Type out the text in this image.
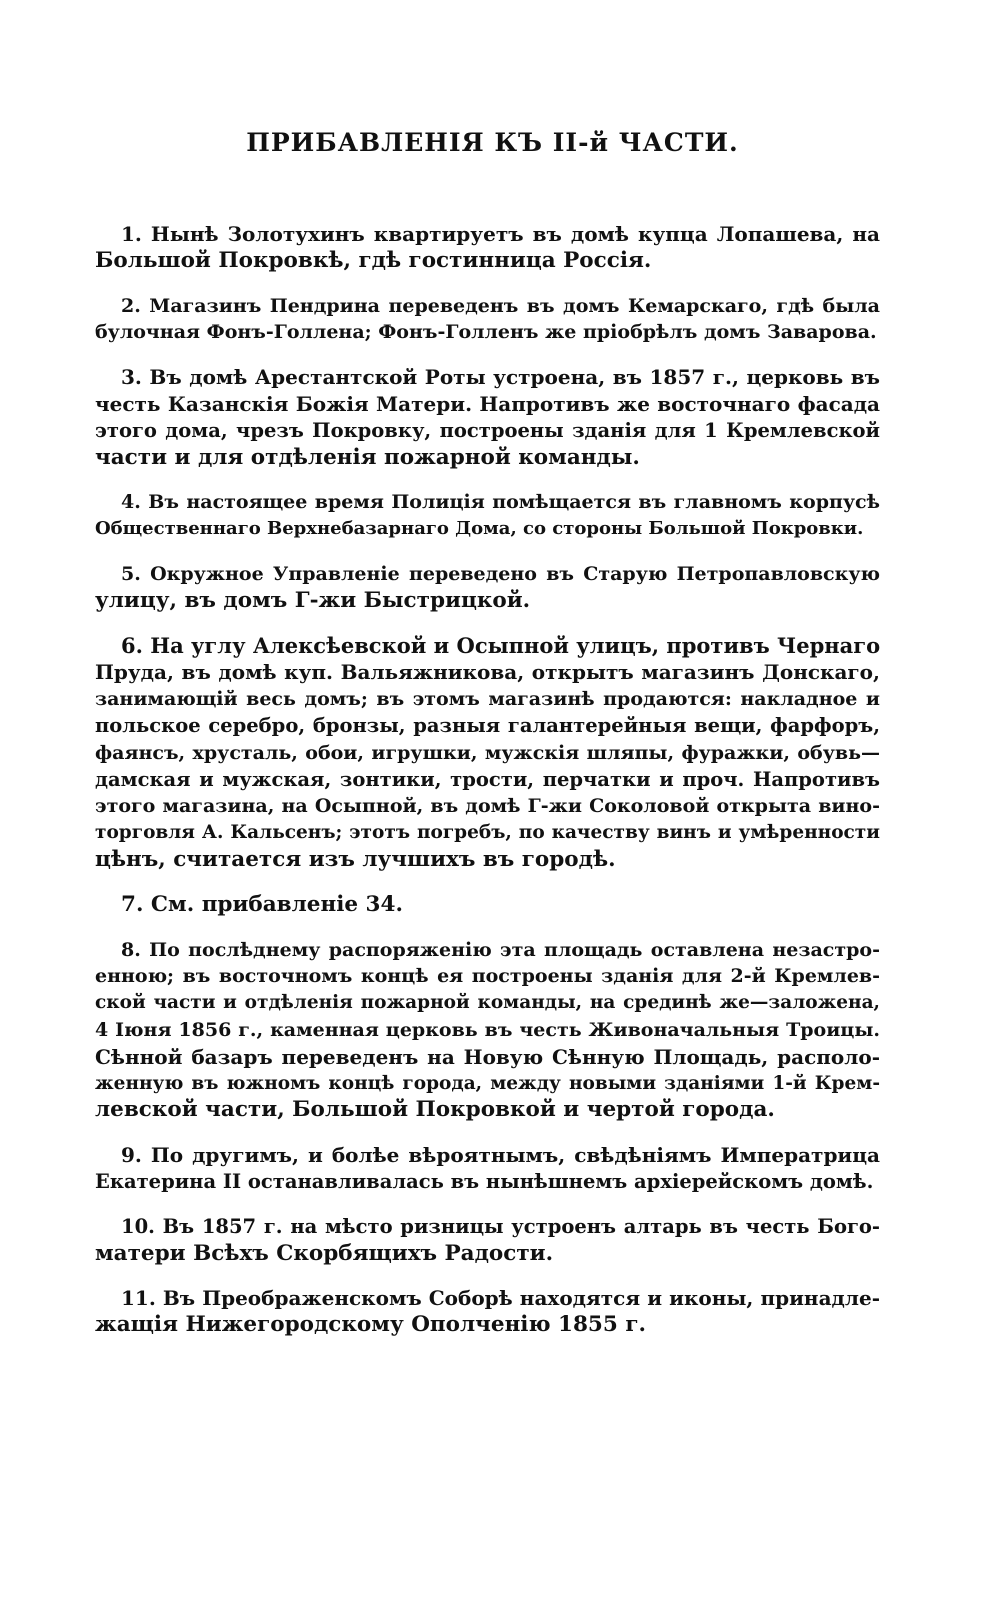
ПРИБАВЛЕНІЯ КЪ II-й ЧАСТИ.
1. Нынѣ Золотухинъ квартируетъ въ домѣ купца Лопашева, на
Большой Покровкѣ, гдѣ гостинница Россія.
2. Магазинъ Пендрина переведенъ въ домъ Кемарскаго, гдѣ была
булочная Фонъ-Голлена; Фонъ-Голленъ же пріобрѣлъ домъ Заварова.
3. Въ домѣ Арестантской Роты устроена, въ 1857 г., церковь въ
честь Казанскія Божія Матери. Напротивъ же восточнаго фасада
этого дома, чрезъ Покровку, построены зданія для 1 Кремлевской
части и для отдѣленія пожарной команды.
4. Въ настоящее время Полиція помѣщается въ главномъ корпусѣ
Общественнаго Верхнебазарнаго Дома, со стороны Большой Покровки.
5. Окружное Управленіе переведено въ Старую Петропавловскую
улицу, въ домъ Г-жи Быстрицкой.
6. На углу Алексѣевской и Осыпной улицъ, противъ Чернаго
Пруда, въ домѣ куп. Вальяжникова, открытъ магазинъ Донскаго,
занимающій весь домъ; въ этомъ магазинѣ продаются: накладное и
польское серебро, бронзы, разныя галантерейныя вещи, фарфоръ,
фаянсъ, хрусталь, обои, игрушки, мужскія шляпы, фуражки, обувь—
дамская и мужская, зонтики, трости, перчатки и проч. Напротивъ
этого магазина, на Осыпной, въ домѣ Г-жи Соколовой открыта вино-
торговля А. Кальсенъ; этотъ погребъ, по качеству винъ и умѣренности
цѣнъ, считается изъ лучшихъ въ городѣ.
7. См. прибавленіе 34.
8. По послѣднему распоряженію эта площадь оставлена незастро-
енною; въ восточномъ концѣ ея построены зданія для 2-й Кремлев-
ской части и отдѣленія пожарной команды, на срединѣ же—заложена,
4 Іюня 1856 г., каменная церковь въ честь Живоначальныя Троицы.
Сѣнной базаръ переведенъ на Новую Сѣнную Площадь, располо-
женную въ южномъ концѣ города, между новыми зданіями 1-й Крем-
левской части, Большой Покровкой и чертой города.
9. По другимъ, и болѣе вѣроятнымъ, свѣдѣніямъ Императрица
Екатерина II останавливалась въ нынѣшнемъ архіерейскомъ домѣ.
10. Въ 1857 г. на мѣсто ризницы устроенъ алтарь въ честь Бого-
матери Всѣхъ Скорбящихъ Радости.
11. Въ Преображенскомъ Соборѣ находятся и иконы, принадле-
жащія Нижегородскому Ополченію 1855 г.
